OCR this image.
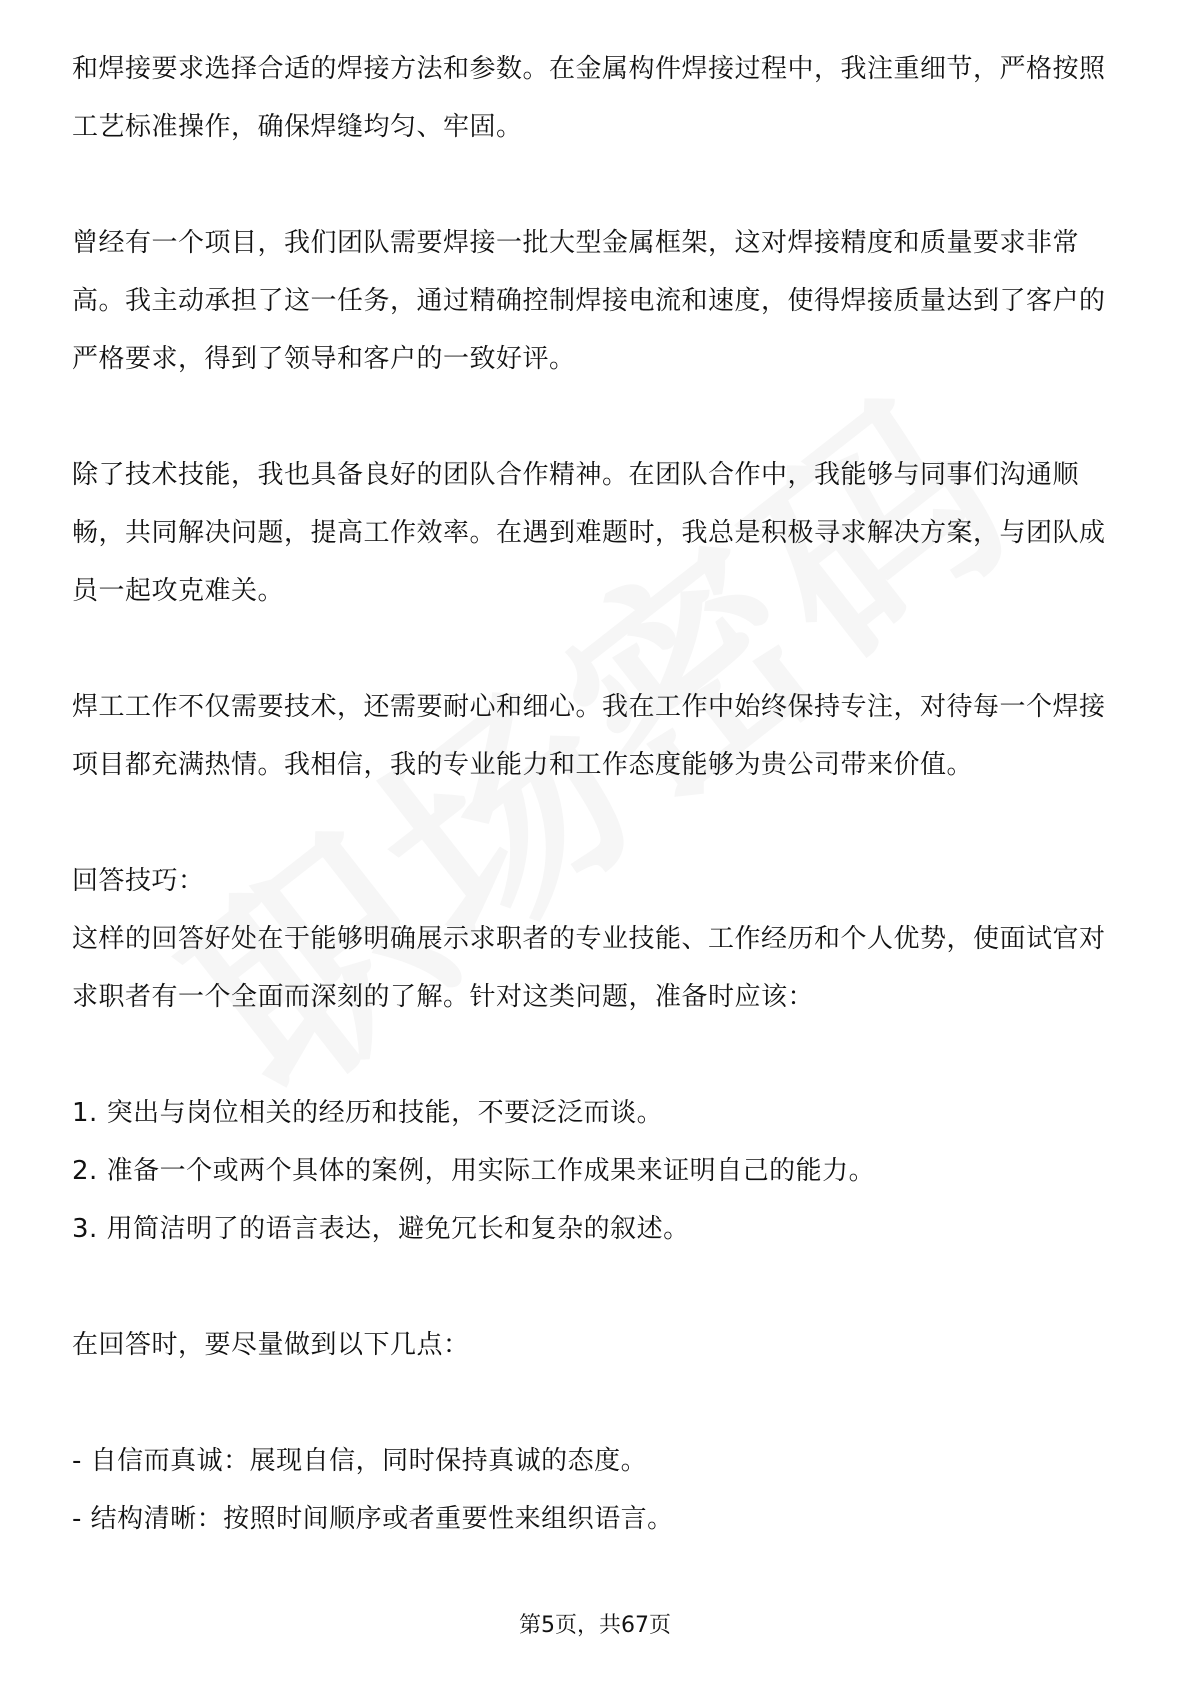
和焊接要求选择合适的焊接方法和参数。在金属构件焊接过程中，我注重细节，严格按照工艺标准操作，确保焊缝均匀、牢固。

曾经有一个项目，我们团队需要焊接一批大型金属框架，这对焊接精度和质量要求非常高。我主动承担了这一任务，通过精确控制焊接电流和速度，使得焊接质量达到了客户的严格要求，得到了领导和客户的一致好评。

除了技术技能，我也具备良好的团队合作精神。在团队合作中，我能够与同事们沟通顺畅，共同解决问题，提高工作效率。在遇到难题时，我总是积极寻求解决方案，与团队成员一起攻克难关。

焊工工作不仅需要技术，还需要耐心和细心。我在工作中始终保持专注，对待每一个焊接项目都充满热情。我相信，我的专业能力和工作态度能够为贵公司带来价值。

回答技巧：

这样的回答好处在于能够明确展示求职者的专业技能、工作经历和个人优势，使面试官对求职者有一个全面而深刻的了解。针对这类问题，准备时应该：

1. 突出与岗位相关的经历和技能，不要泛泛而谈。

2. 准备一个或两个具体的案例，用实际工作成果来证明自己的能力。

3. 用简洁明了的语言表达，避免冗长和复杂的叙述。

在回答时，要尽量做到以下几点：

- 自信而真诚：展现自信，同时保持真诚的态度。

- 结构清晰：按照时间顺序或者重要性来组织语言。

第5页，共67页
